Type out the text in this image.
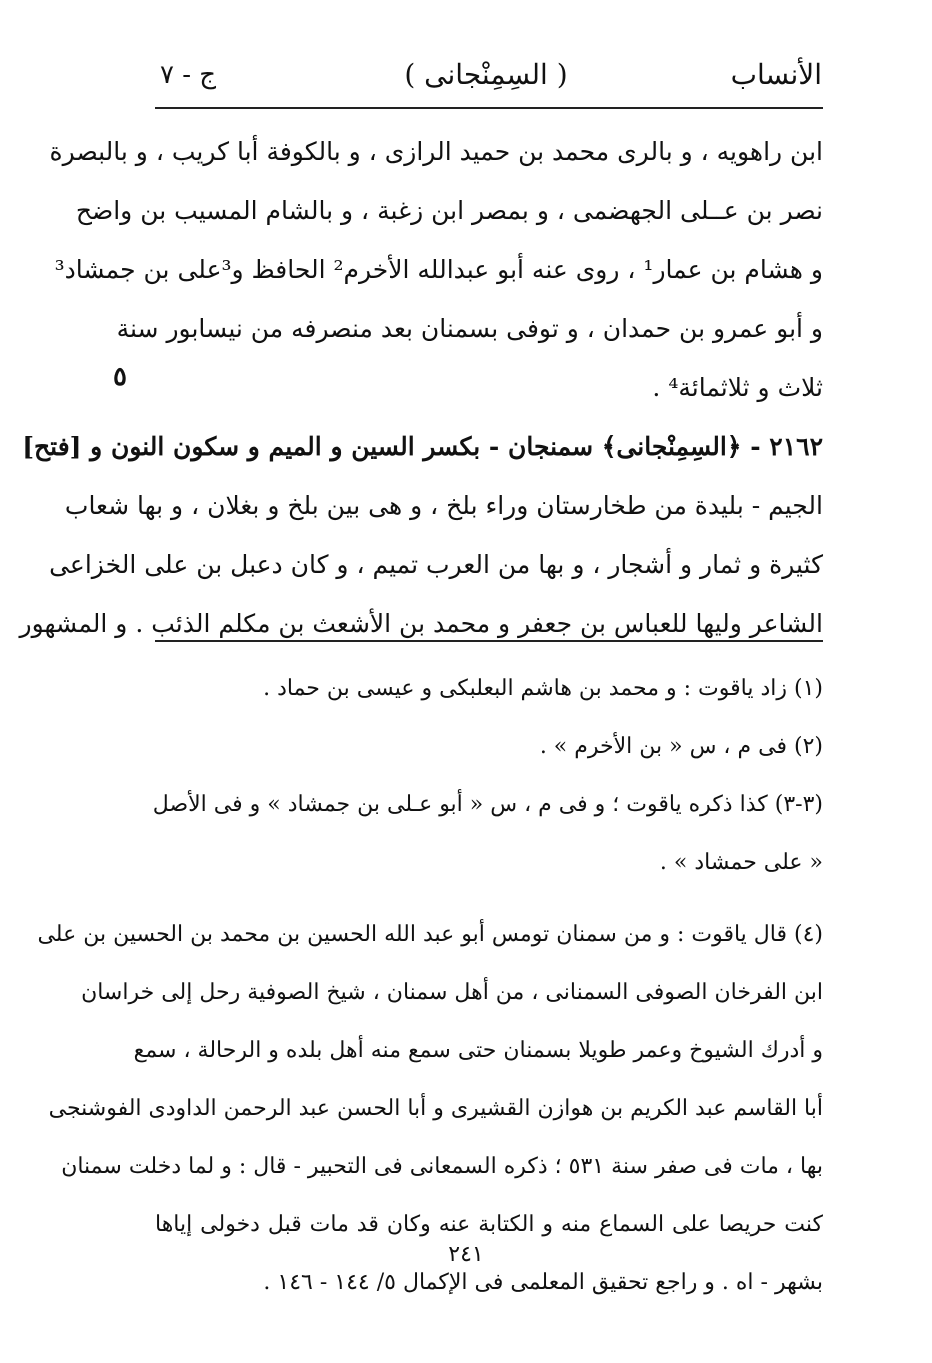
ج - ٧	( السِمِنْجانى )	الأنساب
٥
ابن راهويه ، و بالرى محمد بن حميد الرازى ، و بالكوفة أبا كريب ، و بالبصرة
نصر بن عــلى الجهضمى ، و بمصر ابن زغبة ، و بالشام المسيب بن واضح
و هشام بن عمار¹ ، روى عنه أبو عبدالله الأخرم² الحافظ و³على بن جمشاد³
و أبو عمرو بن حمدان ، و توفى بسمنان بعد منصرفه من نيسابور سنة
ثلاث و ثلاثمائة⁴ .
٢١٦٢ - ﴿السِمِنْجانى﴾ سمنجان - بكسر السين و الميم و سكون النون و [فتح]
الجيم - بليدة من طخارستان وراء بلخ ، و هى بين بلخ و بغلان ، و بها شعاب
كثيرة و ثمار و أشجار ، و بها من العرب تميم ، و كان دعبل بن على الخزاعى
الشاعر وليها للعباس بن جعفر و محمد بن الأشعث بن مكلم الذئب . و المشهور
(١) زاد ياقوت : و محمد بن هاشم البعلبكى و عيسى بن حماد .
(٢) فى م ، س « بن الأخرم » .
(٣-٣) كذا ذكره ياقوت ؛ و فى م ، س « أبو عـلى بن جمشاد » و فى الأصل
« على حمشاد » .
(٤) قال ياقوت : و من سمنان تومس أبو عبد الله الحسين بن محمد بن الحسين بن على
ابن الفرخان الصوفى السمنانى ، من أهل سمنان ، شيخ الصوفية رحل إلى خراسان
و أدرك الشيوخ وعمر طويلا بسمنان حتى سمع منه أهل بلده و الرحالة ، سمع
أبا القاسم عبد الكريم بن هوازن القشيرى و أبا الحسن عبد الرحمن الداودى الفوشنجى
بها ، مات فى صفر سنة ٥٣١ ؛ ذكره السمعانى فى التحبير - قال : و لما دخلت سمنان
كنت حريصا على السماع منه و الكتابة عنه وكان قد مات قبل دخولى إياها
بشهر - اه . و راجع تحقيق المعلمى فى الإكمال ٥/ ١٤٤ - ١٤٦ .
٢٤١
